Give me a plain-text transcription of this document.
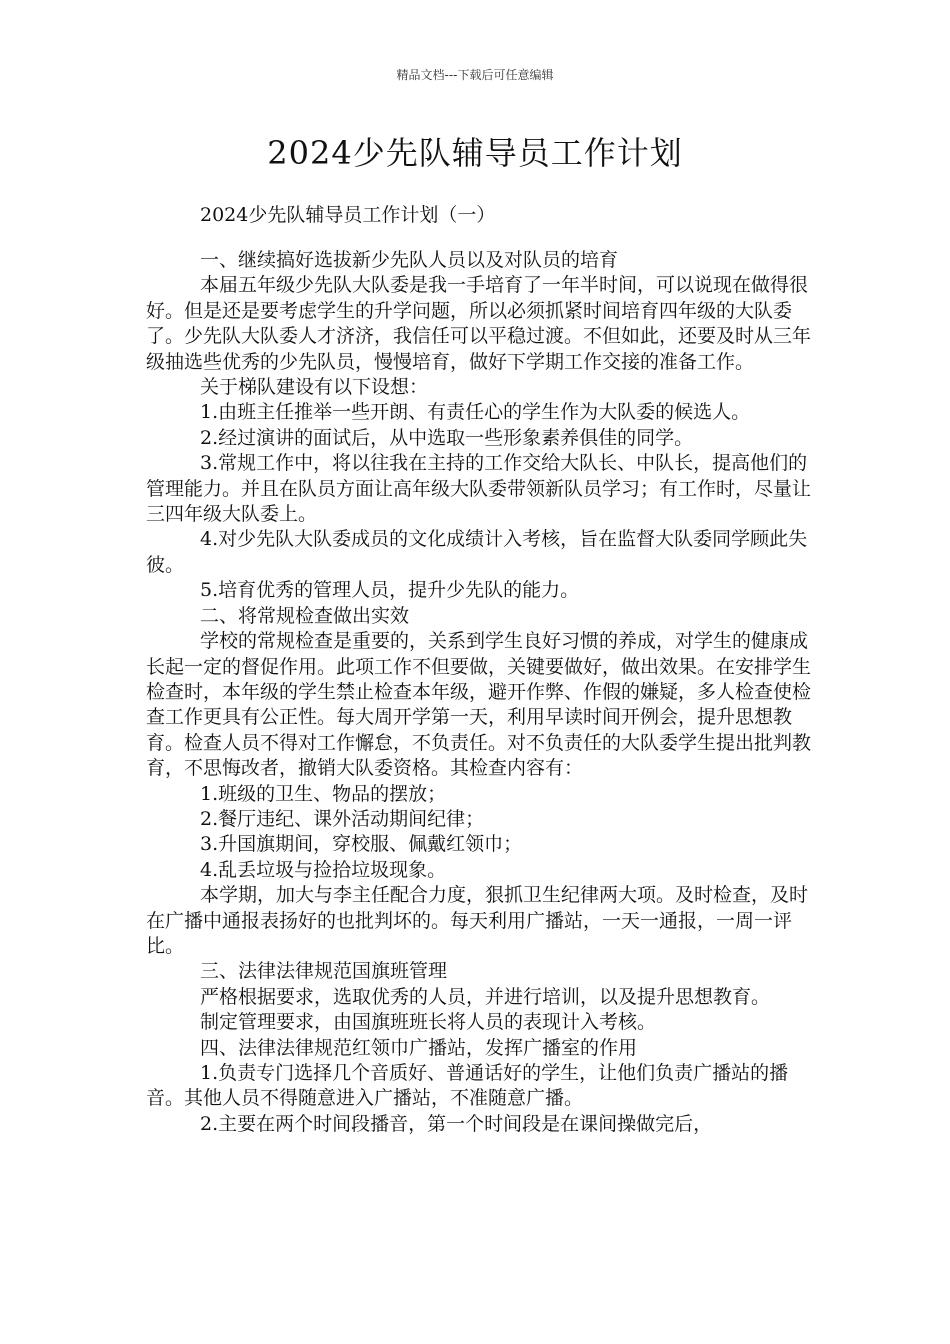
精品文档---下载后可任意编辑
2024少先队辅导员工作计划
2024少先队辅导员工作计划（一）

一、继续搞好选拔新少先队人员以及对队员的培育

本届五年级少先队大队委是我一手培育了一年半时间，可以说现在做得很好。但是还是要考虑学生的升学问题，所以必须抓紧时间培育四年级的大队委了。少先队大队委人才济济，我信任可以平稳过渡。不但如此，还要及时从三年级抽选些优秀的少先队员，慢慢培育，做好下学期工作交接的准备工作。

关于梯队建设有以下设想：

1.由班主任推举一些开朗、有责任心的学生作为大队委的候选人。

2.经过演讲的面试后，从中选取一些形象素养俱佳的同学。

3.常规工作中，将以往我在主持的工作交给大队长、中队长，提高他们的管理能力。并且在队员方面让高年级大队委带领新队员学习；有工作时，尽量让三四年级大队委上。

4.对少先队大队委成员的文化成绩计入考核，旨在监督大队委同学顾此失彼。

5.培育优秀的管理人员，提升少先队的能力。

二、将常规检查做出实效

学校的常规检查是重要的，关系到学生良好习惯的养成，对学生的健康成长起一定的督促作用。此项工作不但要做，关键要做好，做出效果。在安排学生检查时，本年级的学生禁止检查本年级，避开作弊、作假的嫌疑，多人检查使检查工作更具有公正性。每大周开学第一天，利用早读时间开例会，提升思想教育。检查人员不得对工作懈怠，不负责任。对不负责任的大队委学生提出批判教育，不思悔改者，撤销大队委资格。其检查内容有：

1.班级的卫生、物品的摆放；

2.餐厅违纪、课外活动期间纪律；

3.升国旗期间，穿校服、佩戴红领巾；

4.乱丢垃圾与捡拾垃圾现象。

本学期，加大与李主任配合力度，狠抓卫生纪律两大项。及时检查，及时在广播中通报表扬好的也批判坏的。每天利用广播站，一天一通报，一周一评比。

三、法律法律规范国旗班管理

严格根据要求，选取优秀的人员，并进行培训，以及提升思想教育。

制定管理要求，由国旗班班长将人员的表现计入考核。

四、法律法律规范红领巾广播站，发挥广播室的作用

1.负责专门选择几个音质好、普通话好的学生，让他们负责广播站的播音。其他人员不得随意进入广播站，不准随意广播。

2.主要在两个时间段播音，第一个时间段是在课间操做完后，
